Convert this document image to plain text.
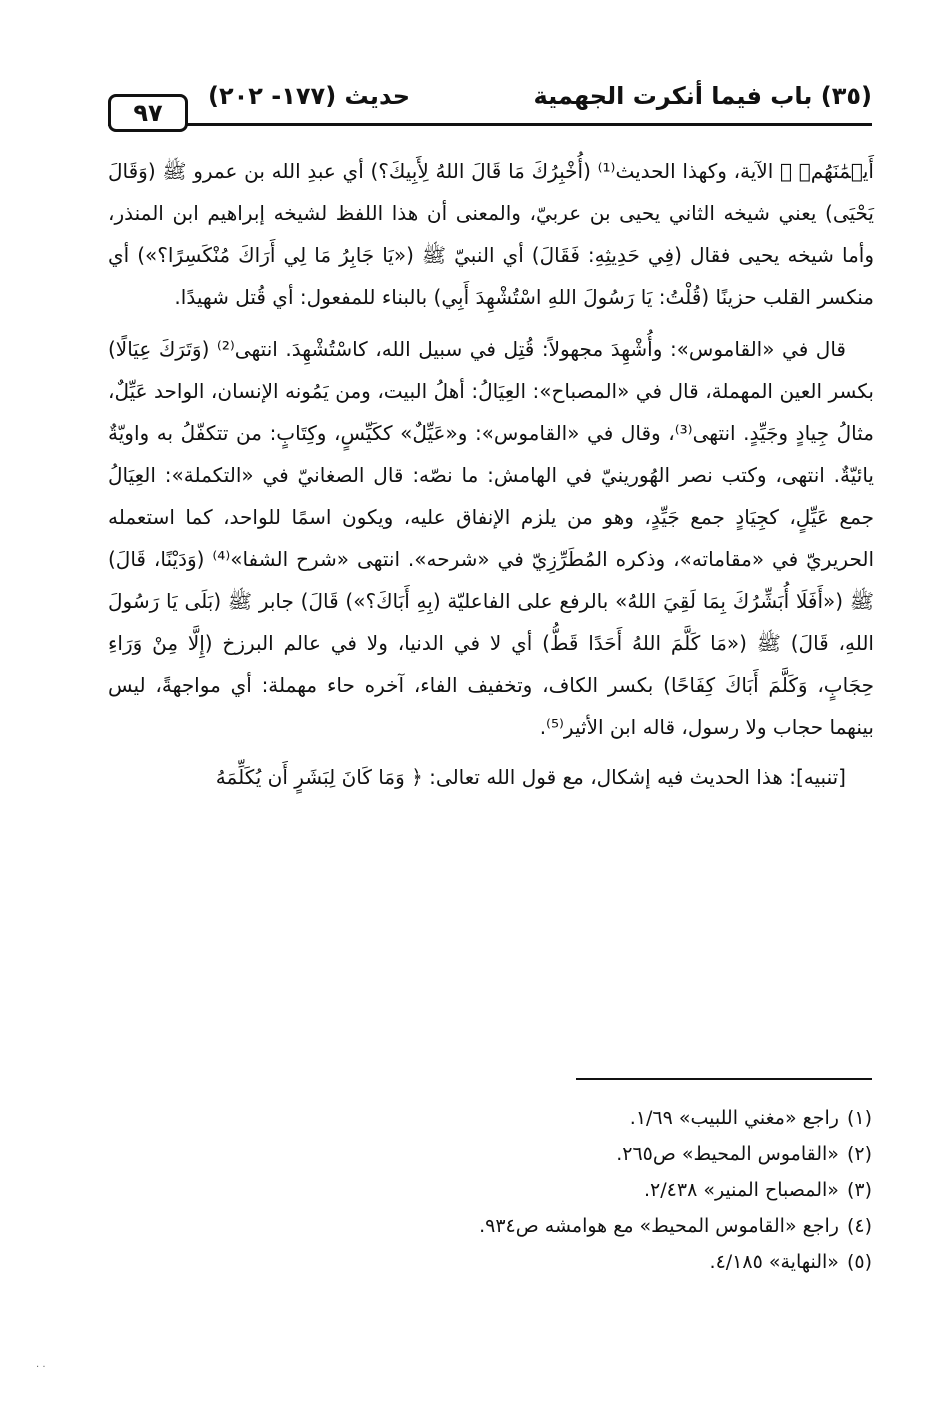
٩٧
حديث (١٧٧- ٢٠٢)	(٣٥) باب فيما أنكرت الجهمية

أَيۡمَٰنَهُمۡ ﴾ الآية، وكهذا الحديث⁽¹⁾ (أُخْبِرُكَ مَا قَالَ اللهُ لِأَبِيكَ؟) أي عبدِ الله بن عمرو ﷺ (وَقَالَ يَحْيَى) يعني شيخه الثاني يحيى بن عربيّ، والمعنى أن هذا اللفظ لشيخه إبراهيم ابن المنذر، وأما شيخه يحيى فقال (فِي حَدِيثِهِ: فَقَالَ) أي النبيّ ﷺ («يَا جَابِرُ مَا لِي أَرَاكَ مُنْكَسِرًا؟») أي منكسر القلب حزينًا (قُلْتُ: يَا رَسُولَ اللهِ اسْتُشْهِدَ أَبِي) بالبناء للمفعول: أي قُتل شهيدًا.

قال في «القاموس»: وأُشْهِدَ مجهولاً: قُتِل في سبيل الله، كاسْتُشْهِدَ. انتهى⁽²⁾ (وَتَرَكَ عِيَالًا) بكسر العين المهملة، قال في «المصباح»: العِيَالُ: أهلُ البيت، ومن يَمُونه الإنسان، الواحد عَيِّلٌ، مثالُ جِيادٍ وجَيِّدٍ. انتهى⁽³⁾، وقال في «القاموس»: و«عَيِّلٌ» ككَيِّسٍ، وكِتَابٍ: من تتكفّلُ به واويّةٌ يائيّةٌ. انتهى، وكتب نصر الهُورينيّ في الهامش: ما نصّه: قال الصغانيّ في «التكملة»: العِيَالُ جمع عَيِّلٍ، كجِيَادٍ جمع جَيِّدٍ، وهو من يلزم الإنفاق عليه، ويكون اسمًا للواحد، كما استعمله الحريريّ في «مقاماته»، وذكره المُطَرِّزِيّ في «شرحه». انتهى «شرح الشفا»⁽⁴⁾ (وَدَيْنًا، قَالَ) ﷺ («أَفَلَا أُبَشِّرُكَ بِمَا لَقِيَ اللهُ» بالرفع على الفاعليّة (بِهِ أَبَاكَ؟») قَالَ) جابر ﷺ (بَلَى يَا رَسُولَ اللهِ، قَالَ) ﷺ («مَا كَلَّمَ اللهُ أَحَدًا قَطُّ) أي لا في الدنيا، ولا في عالم البرزخ (إِلَّا مِنْ وَرَاءِ حِجَابٍ، وَكَلَّمَ أَبَاكَ كِفَاحًا) بكسر الكاف، وتخفيف الفاء، آخره حاء مهملة: أي مواجهةً، ليس بينهما حجاب ولا رسول، قاله ابن الأثير⁽⁵⁾.

[تنبيه]: هذا الحديث فيه إشكال، مع قول الله تعالى: ﴿ وَمَا كَانَ لِبَشَرٍ أَن يُكَلِّمَهُ

(١)
راجع «مغني اللبيب» ١/٦٩.
(٢)
«القاموس المحيط» ص٢٦٥.
(٣)
«المصباح المنير» ٢/٤٣٨.
(٤)
راجع «القاموس المحيط» مع هوامشه ص٩٣٤.
(٥)
«النهاية» ٤/١٨٥.
· ·
